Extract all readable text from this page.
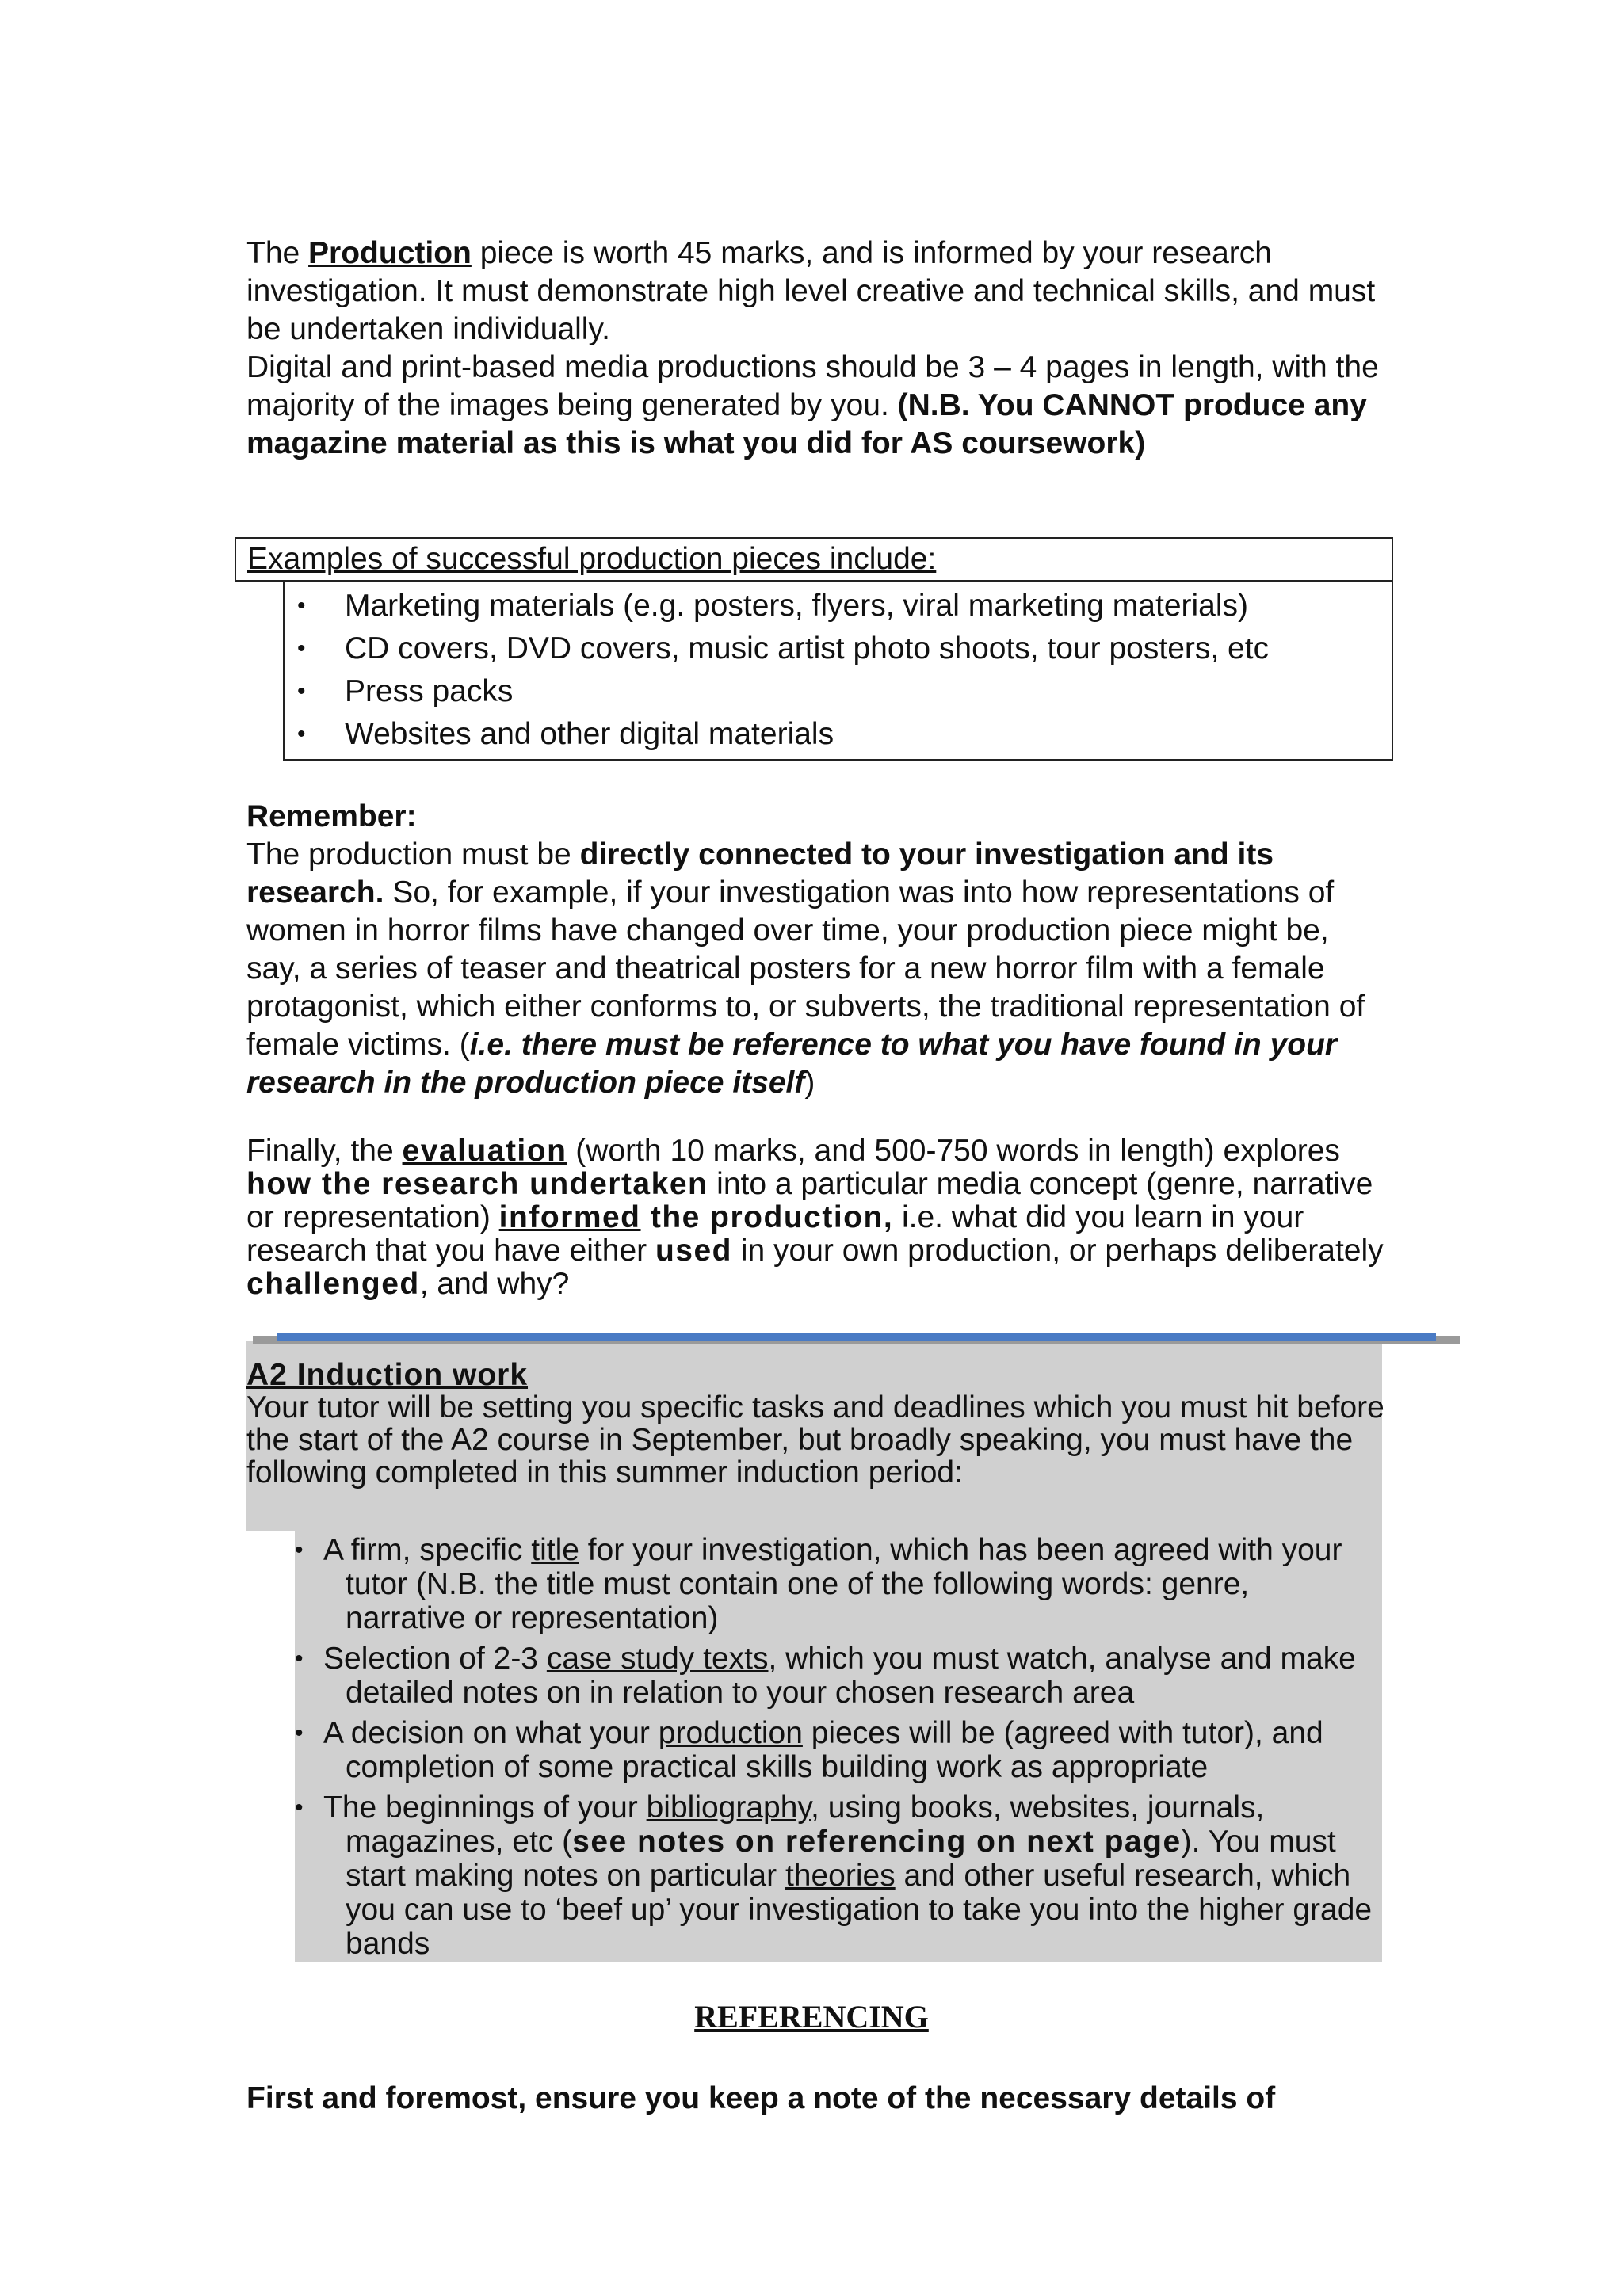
The Production piece is worth 45 marks, and is informed by your research investigation. It must demonstrate high level creative and technical skills, and must be undertaken individually.
Digital and print-based media productions should be 3 – 4 pages in length, with the majority of the images being generated by you. (N.B. You CANNOT produce any magazine material as this is what you did for AS coursework)
Examples of successful production pieces include:
• Marketing materials (e.g. posters, flyers, viral marketing materials)
• CD covers, DVD covers, music artist photo shoots, tour posters, etc
• Press packs
• Websites and other digital materials
Remember:
The production must be directly connected to your investigation and its research. So, for example, if your investigation was into how representations of women in horror films have changed over time, your production piece might be, say, a series of teaser and theatrical posters for a new horror film with a female protagonist, which either conforms to, or subverts, the traditional representation of female victims. (i.e. there must be reference to what you have found in your research in the production piece itself)
Finally, the evaluation (worth 10 marks, and 500-750 words in length) explores how the research undertaken into a particular media concept (genre, narrative or representation) informed the production, i.e. what did you learn in your research that you have either used in your own production, or perhaps deliberately challenged, and why?
A2 Induction work
Your tutor will be setting you specific tasks and deadlines which you must hit before the start of the A2 course in September, but broadly speaking, you must have the following completed in this summer induction period:
• A firm, specific title for your investigation, which has been agreed with your tutor (N.B. the title must contain one of the following words: genre, narrative or representation)
• Selection of 2-3 case study texts, which you must watch, analyse and make detailed notes on in relation to your chosen research area
• A decision on what your production pieces will be (agreed with tutor), and completion of some practical skills building work as appropriate
• The beginnings of your bibliography, using books, websites, journals, magazines, etc (see notes on referencing on next page). You must start making notes on particular theories and other useful research, which you can use to ‘beef up’ your investigation to take you into the higher grade bands
REFERENCING
First and foremost, ensure you keep a note of the necessary details of
